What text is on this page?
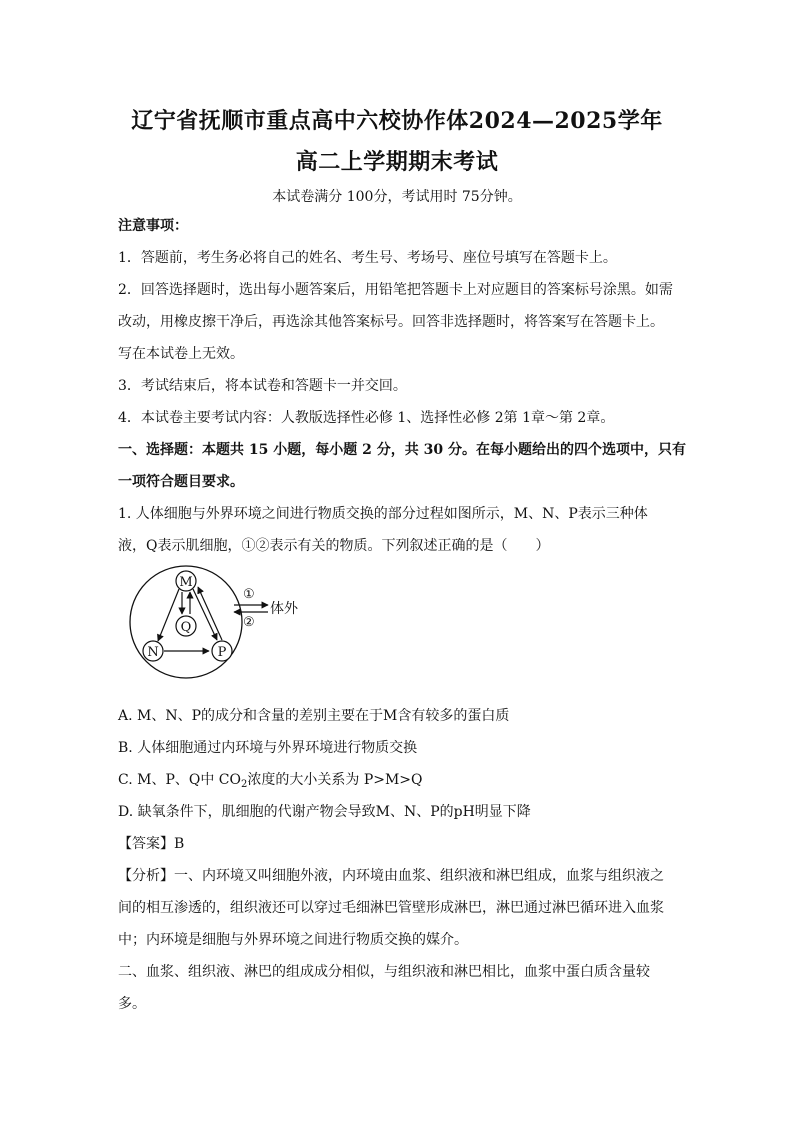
辽宁省抚顺市重点高中六校协作体2024—2025学年
高二上学期期末考试
本试卷满分 100分，考试用时 75分钟。
注意事项：
1．答题前，考生务必将自己的姓名、考生号、考场号、座位号填写在答题卡上。
2．回答选择题时，选出每小题答案后，用铅笔把答题卡上对应题目的答案标号涂黑。如需
改动，用橡皮擦干净后，再选涂其他答案标号。回答非选择题时，将答案写在答题卡上。
写在本试卷上无效。
3．考试结束后，将本试卷和答题卡一并交回。
4．本试卷主要考试内容：人教版选择性必修 1、选择性必修 2第 1章～第 2章。
一、选择题：本题共 15 小题，每小题 2 分，共 30 分。在每小题给出的四个选项中，只有
一项符合题目要求。
1. 人体细胞与外界环境之间进行物质交换的部分过程如图所示，M、N、P表示三种体
液，Q表示肌细胞，①②表示有关的物质。下列叙述正确的是（　　）
M
Q
N	P
①
②
体外
A. M、N、P的成分和含量的差别主要在于M含有较多的蛋白质
B. 人体细胞通过内环境与外界环境进行物质交换
C. M、P、Q中 $CO_2$浓度的大小关系为 P>M>Q
D. 缺氧条件下，肌细胞的代谢产物会导致M、N、P的pH明显下降
【答案】B
【分析】一、内环境又叫细胞外液，内环境由血浆、组织液和淋巴组成，血浆与组织液之
间的相互渗透的，组织液还可以穿过毛细淋巴管壁形成淋巴，淋巴通过淋巴循环进入血浆
中；内环境是细胞与外界环境之间进行物质交换的媒介。
二、血浆、组织液、淋巴的组成成分相似，与组织液和淋巴相比，血浆中蛋白质含量较
多。
